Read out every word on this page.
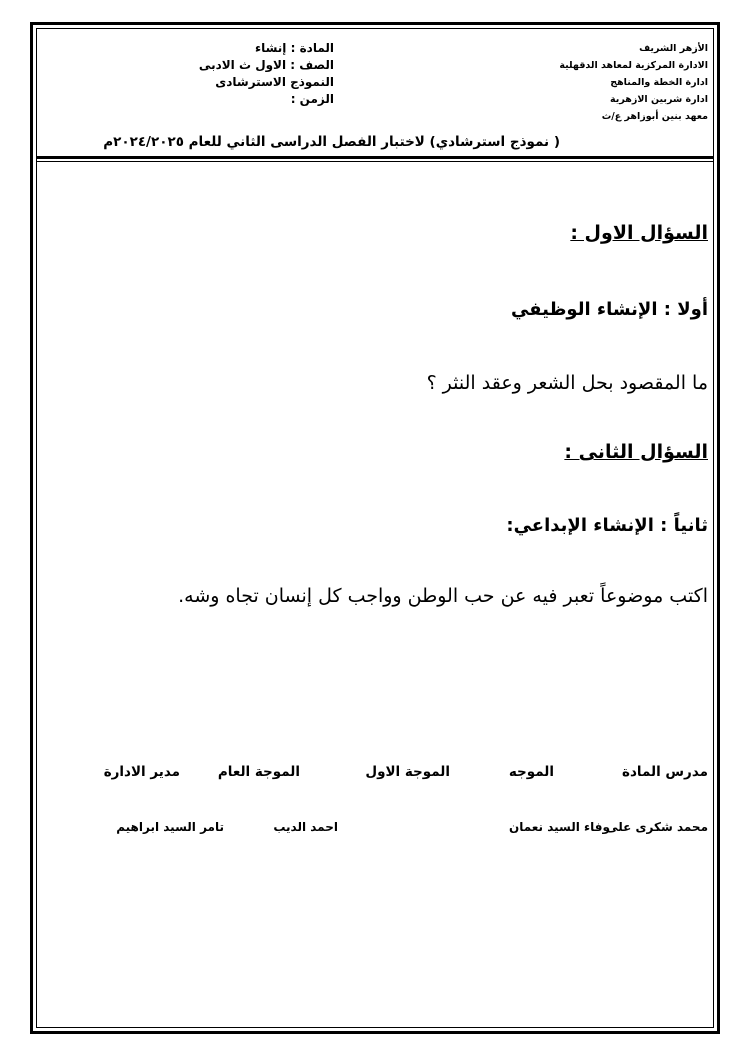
الأزهر الشريف
الادارة المركزية لمعاهد الدقهلية
ادارة الخطة والمناهج
ادارة شربين الازهرية
معهد بنين أبوزاهر ع/ث
المادة : إنشاء
الصف : الاول ث الادبى
النموذج الاسترشادى
الزمن :
( نموذج استرشادي) لاختبار الفصل الدراسى الثاني للعام ٢٠٢٤/٢٠٢٥م
السؤال الاول :
أولا : الإنشاء الوظيفي
ما المقصود بحل الشعر وعقد النثر ؟
السؤال الثانى :
ثانياً : الإنشاء الإبداعي:
اكتب موضوعاً تعبر فيه عن حب الوطن وواجب كل إنسان تجاه وشه.
مدرس المادة
الموجه
الموجة الاول
الموجة العام
مدير الادارة
محمد شكرى على
وفاء السيد نعمان
احمد الديب
تامر السيد ابراهيم
